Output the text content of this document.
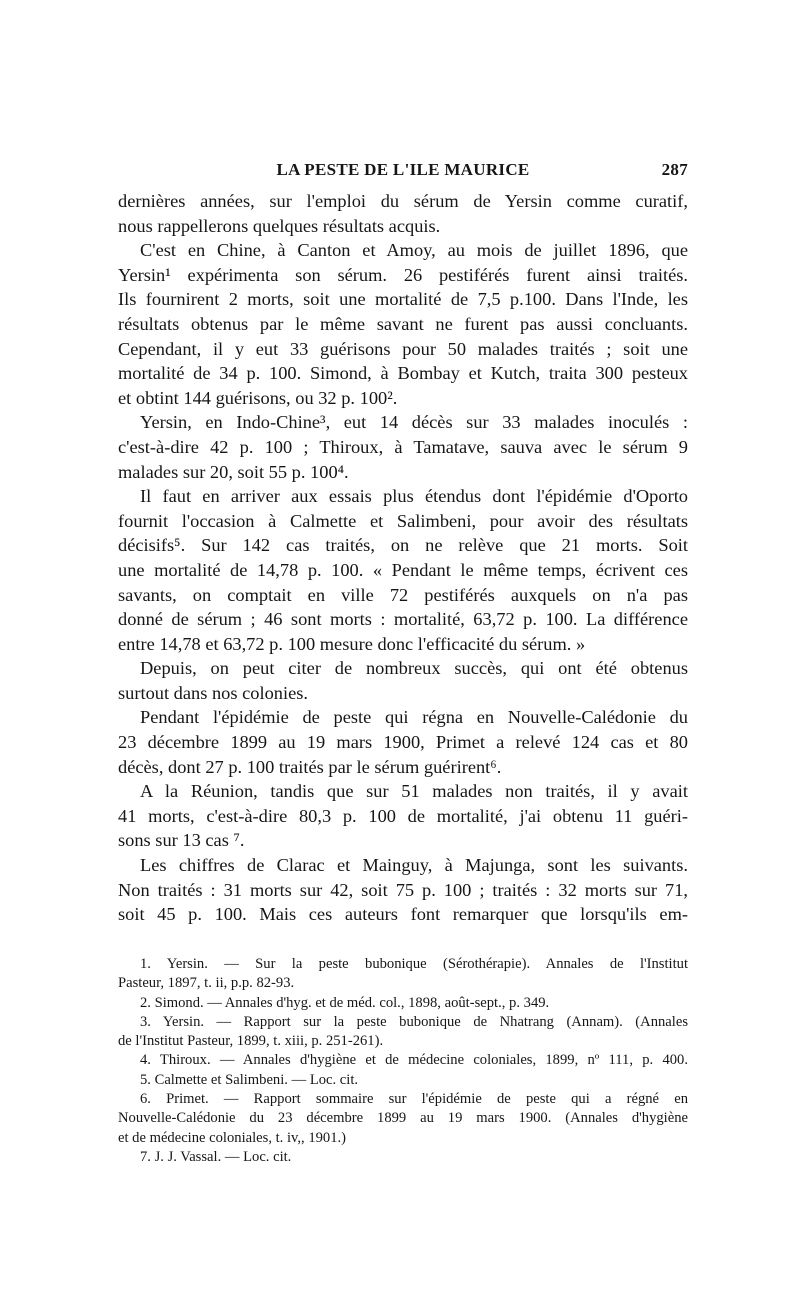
LA PESTE DE L'ILE MAURICE	287
dernières années, sur l'emploi du sérum de Yersin comme curatif,
nous rappellerons quelques résultats acquis.
C'est en Chine, à Canton et Amoy, au mois de juillet 1896, que
Yersin¹ expérimenta son sérum. 26 pestiférés furent ainsi traités.
Ils fournirent 2 morts, soit une mortalité de 7,5 p.100. Dans l'Inde, les
résultats obtenus par le même savant ne furent pas aussi concluants.
Cependant, il y eut 33 guérisons pour 50 malades traités ; soit une
mortalité de 34 p. 100. Simond, à Bombay et Kutch, traita 300 pesteux
et obtint 144 guérisons, ou 32 p. 100².
Yersin, en Indo-Chine³, eut 14 décès sur 33 malades inoculés :
c'est-à-dire 42 p. 100 ; Thiroux, à Tamatave, sauva avec le sérum 9
malades sur 20, soit 55 p. 100⁴.
Il faut en arriver aux essais plus étendus dont l'épidémie d'Oporto
fournit l'occasion à Calmette et Salimbeni, pour avoir des résultats
décisifs⁵. Sur 142 cas traités, on ne relève que 21 morts. Soit
une mortalité de 14,78 p. 100. « Pendant le même temps, écrivent ces
savants, on comptait en ville 72 pestiférés auxquels on n'a pas
donné de sérum ; 46 sont morts : mortalité, 63,72 p. 100. La différence
entre 14,78 et 63,72 p. 100 mesure donc l'efficacité du sérum. »
Depuis, on peut citer de nombreux succès, qui ont été obtenus
surtout dans nos colonies.
Pendant l'épidémie de peste qui régna en Nouvelle-Calédonie du
23 décembre 1899 au 19 mars 1900, Primet a relevé 124 cas et 80
décès, dont 27 p. 100 traités par le sérum guérirent⁶.
A la Réunion, tandis que sur 51 malades non traités, il y avait
41 morts, c'est-à-dire 80,3 p. 100 de mortalité, j'ai obtenu 11 guéri-
sons sur 13 cas ⁷.
Les chiffres de Clarac et Mainguy, à Majunga, sont les suivants.
Non traités : 31 morts sur 42, soit 75 p. 100 ; traités : 32 morts sur 71,
soit 45 p. 100. Mais ces auteurs font remarquer que lorsqu'ils em-
1. Yersin. — Sur la peste bubonique (Sérothérapie). Annales de l'Institut
Pasteur, 1897, t. ii, p.p. 82-93.
2. Simond. — Annales d'hyg. et de méd. col., 1898, août-sept., p. 349.
3. Yersin. — Rapport sur la peste bubonique de Nhatrang (Annam). (Annales
de l'Institut Pasteur, 1899, t. xiii, p. 251-261).
4. Thiroux. — Annales d'hygiène et de médecine coloniales, 1899, nº 111, p. 400.
5. Calmette et Salimbeni. — Loc. cit.
6. Primet. — Rapport sommaire sur l'épidémie de peste qui a régné en
Nouvelle-Calédonie du 23 décembre 1899 au 19 mars 1900. (Annales d'hygiène
et de médecine coloniales, t. iv,, 1901.)
7. J. J. Vassal. — Loc. cit.
